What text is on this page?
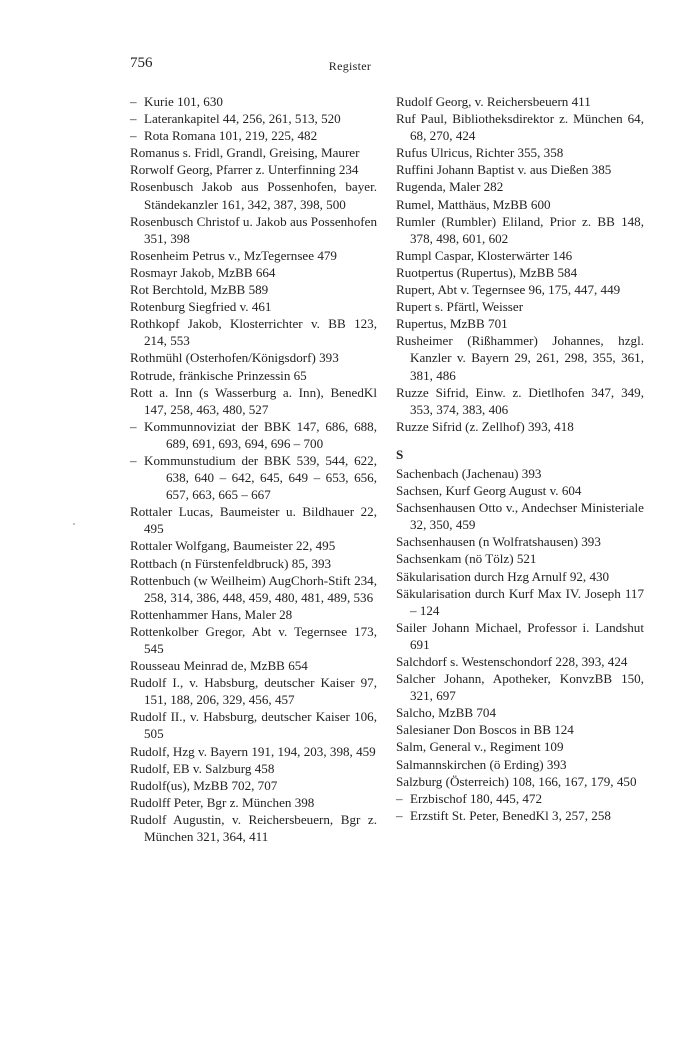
756	Register

– Kurie 101, 630

– Laterankapitel 44, 256, 261, 513, 520

– Rota Romana 101, 219, 225, 482

Romanus s. Fridl, Grandl, Greising, Maurer

Rorwolf Georg, Pfarrer z. Unterfinning 234

Rosenbusch Jakob aus Possenhofen, bayer. Ständekanzler 161, 342, 387, 398, 500

Rosenbusch Christof u. Jakob aus Possenhofen 351, 398

Rosenheim Petrus v., MzTegernsee 479

Rosmayr Jakob, MzBB 664

Rot Berchtold, MzBB 589

Rotenburg Siegfried v. 461

Rothkopf Jakob, Klosterrichter v. BB 123, 214, 553

Rothmühl (Osterhofen/Königsdorf) 393

Rotrude, fränkische Prinzessin 65

Rott a. Inn (s Wasserburg a. Inn), BenedKl 147, 258, 463, 480, 527

– Kommunnoviziat der BBK 147, 686, 688, 689, 691, 693, 694, 696 – 700

– Kommunstudium der BBK 539, 544, 622, 638, 640 – 642, 645, 649 – 653, 656, 657, 663, 665 – 667

Rottaler Lucas, Baumeister u. Bildhauer 22, 495

Rottaler Wolfgang, Baumeister 22, 495

Rottbach (n Fürstenfeldbruck) 85, 393

Rottenbuch (w Weilheim) AugChorh-Stift 234, 258, 314, 386, 448, 459, 480, 481, 489, 536

Rottenhammer Hans, Maler 28

Rottenkolber Gregor, Abt v. Tegernsee 173, 545

Rousseau Meinrad de, MzBB 654

Rudolf I., v. Habsburg, deutscher Kaiser 97, 151, 188, 206, 329, 456, 457

Rudolf II., v. Habsburg, deutscher Kaiser 106, 505

Rudolf, Hzg v. Bayern 191, 194, 203, 398, 459

Rudolf, EB v. Salzburg 458

Rudolf(us), MzBB 702, 707

Rudolff Peter, Bgr z. München 398

Rudolf Augustin, v. Reichersbeuern, Bgr z. München 321, 364, 411

Rudolf Georg, v. Reichersbeuern 411

Ruf Paul, Bibliotheksdirektor z. München 64, 68, 270, 424

Rufus Ulricus, Richter 355, 358

Ruffini Johann Baptist v. aus Dießen 385

Rugenda, Maler 282

Rumel, Matthäus, MzBB 600

Rumler (Rumbler) Eliland, Prior z. BB 148, 378, 498, 601, 602

Rumpl Caspar, Klosterwärter 146

Ruotpertus (Rupertus), MzBB 584

Rupert, Abt v. Tegernsee 96, 175, 447, 449

Rupert s. Pfärtl, Weisser

Rupertus, MzBB 701

Rusheimer (Rißhammer) Johannes, hzgl. Kanzler v. Bayern 29, 261, 298, 355, 361, 381, 486

Ruzze Sifrid, Einw. z. Dietlhofen 347, 349, 353, 374, 383, 406

Ruzze Sifrid (z. Zellhof) 393, 418

S

Sachenbach (Jachenau) 393

Sachsen, Kurf Georg August v. 604

Sachsenhausen Otto v., Andechser Ministeriale 32, 350, 459

Sachsenhausen (n Wolfratshausen) 393

Sachsenkam (nö Tölz) 521

Säkularisation durch Hzg Arnulf 92, 430

Säkularisation durch Kurf Max IV. Joseph 117 – 124

Sailer Johann Michael, Professor i. Landshut 691

Salchdorf s. Westenschondorf 228, 393, 424

Salcher Johann, Apotheker, KonvzBB 150, 321, 697

Salcho, MzBB 704

Salesianer Don Boscos in BB 124

Salm, General v., Regiment 109

Salmannskirchen (ö Erding) 393

Salzburg (Österreich) 108, 166, 167, 179, 450

– Erzbischof 180, 445, 472

– Erzstift St. Peter, BenedKl 3, 257, 258
